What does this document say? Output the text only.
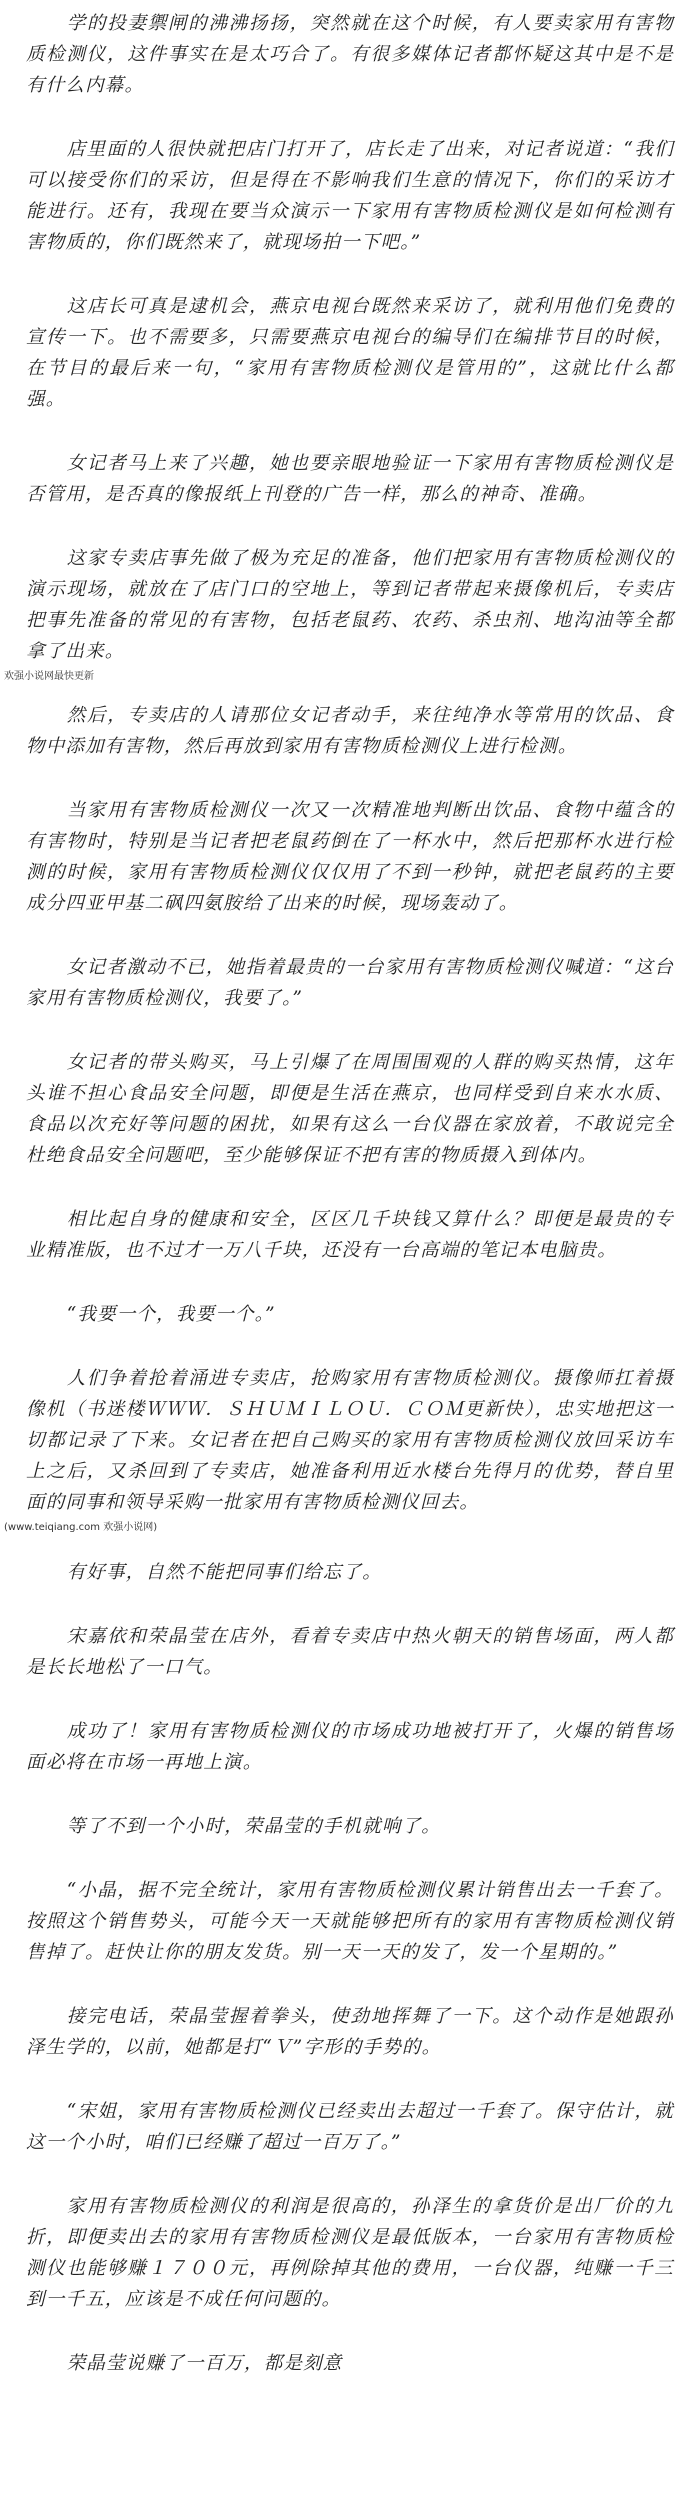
学的投妻禦闸的沸沸扬扬，突然就在这个时候，有人要卖家用有害物质检测仪，这件事实在是太巧合了。有很多媒体记者都怀疑这其中是不是有什么内幕。

店里面的人很快就把店门打开了，店长走了出来，对记者说道：“我们可以接受你们的采访，但是得在不影响我们生意的情况下，你们的采访才能进行。还有，我现在要当众演示一下家用有害物质检测仪是如何检测有害物质的，你们既然来了，就现场拍一下吧。”

这店长可真是逮机会，燕京电视台既然来采访了，就利用他们免费的宣传一下。也不需要多，只需要燕京电视台的编导们在编排节目的时候，在节目的最后来一句，“家用有害物质检测仪是管用的”，这就比什么都强。

女记者马上来了兴趣，她也要亲眼地验证一下家用有害物质检测仪是否管用，是否真的像报纸上刊登的广告一样，那么的神奇、准确。

这家专卖店事先做了极为充足的准备，他们把家用有害物质检测仪的演示现场，就放在了店门口的空地上，等到记者带起来摄像机后，专卖店把事先准备的常见的有害物，包括老鼠药、农药、杀虫剂、地沟油等全都拿了出来。

欢强小说网最快更新

然后，专卖店的人请那位女记者动手，来往纯净水等常用的饮品、食物中添加有害物，然后再放到家用有害物质检测仪上进行检测。

当家用有害物质检测仪一次又一次精准地判断出饮品、食物中蕴含的有害物时，特别是当记者把老鼠药倒在了一杯水中，然后把那杯水进行检测的时候，家用有害物质检测仪仅仅用了不到一秒钟，就把老鼠药的主要成分四亚甲基二砜四氨胺给了出来的时候，现场轰动了。

女记者激动不已，她指着最贵的一台家用有害物质检测仪喊道：“这台家用有害物质检测仪，我要了。”

女记者的带头购买，马上引爆了在周围围观的人群的购买热情，这年头谁不担心食品安全问题，即便是生活在燕京，也同样受到自来水水质、食品以次充好等问题的困扰，如果有这么一台仪器在家放着，不敢说完全杜绝食品安全问题吧，至少能够保证不把有害的物质摄入到体内。

相比起自身的健康和安全，区区几千块钱又算什么？即便是最贵的专业精准版，也不过才一万八千块，还没有一台高端的笔记本电脑贵。

“我要一个，我要一个。”

人们争着抢着涌进专卖店，抢购家用有害物质检测仪。摄像师扛着摄像机（书迷楼ＷＷＷ．ＳＨＵＭＩＬＯＵ．ＣＯＭ更新快），忠实地把这一切都记录了下来。女记者在把自己购买的家用有害物质检测仪放回采访车上之后，又杀回到了专卖店，她准备利用近水楼台先得月的优势，替自里面的同事和领导采购一批家用有害物质检测仪回去。

(www.teiqiang.com 欢强小说网)

有好事，自然不能把同事们给忘了。

宋嘉依和荣晶莹在店外，看着专卖店中热火朝天的销售场面，两人都是长长地松了一口气。

成功了！家用有害物质检测仪的市场成功地被打开了，火爆的销售场面必将在市场一再地上演。

等了不到一个小时，荣晶莹的手机就响了。

“小晶，据不完全统计，家用有害物质检测仪累计销售出去一千套了。按照这个销售势头，可能今天一天就能够把所有的家用有害物质检测仪销售掉了。赶快让你的朋友发货。别一天一天的发了，发一个星期的。”

接完电话，荣晶莹握着拳头，使劲地挥舞了一下。这个动作是她跟孙泽生学的，以前，她都是打“Ｖ”字形的手势的。

“宋姐，家用有害物质检测仪已经卖出去超过一千套了。保守估计，就这一个小时，咱们已经赚了超过一百万了。”

家用有害物质检测仪的利润是很高的，孙泽生的拿货价是出厂价的九折，即便卖出去的家用有害物质检测仪是最低版本，一台家用有害物质检测仪也能够赚１７００元，再例除掉其他的费用，一台仪器，纯赚一千三到一千五，应该是不成任何问题的。

荣晶莹说赚了一百万，都是刻意
